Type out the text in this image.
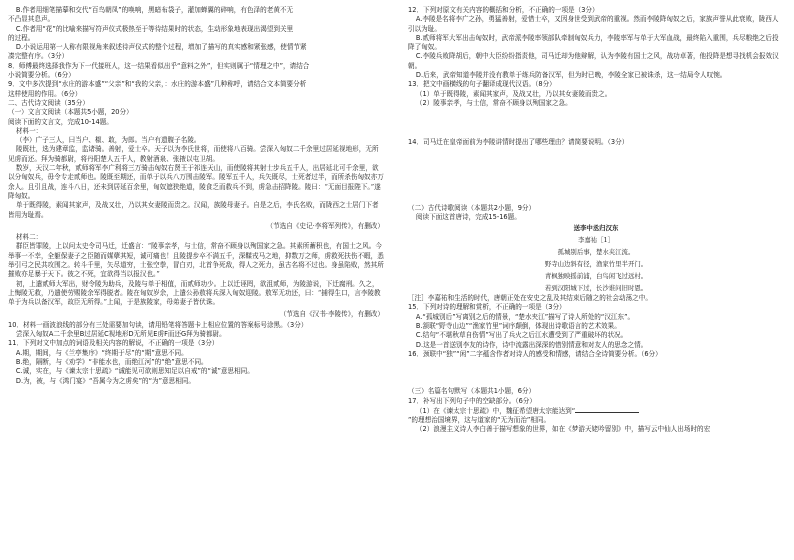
B.作者用细笔描摹和交代“百鸟朝凤”的唤响，黑暗布袋子，灌加蝉翼的碎响，有色泽的老黄不无

不凸显其息声。

C.作者用“花”的比喻来描写符声仪式极热至于等待结果时的状态，生动形象地表现出渴望到关里

的过程。

D.小说运用第一人称有限视角来叙述待声仪式的整个过程，增加了描写的真实感和紧张感，使情节紧

凑完整有序。（3分）

8．师傅最终选择我作为下一代接班人，这一结果看似出乎“意料之外”，但实则属于“情理之中”，请结合

小说简要分析。（6分）

9．文中多次提到“水庄的游本盛”“父亲”和“我的父亲，：水庄的游本盛”几种称呼，请结合文本简要分析

这样使用的作用。（6分）

二、古代诗文阅读（35分）

（一）文言文阅读（本题共5小题，20分）

阅读下面的文言文，完成10-14题。

材料一：

（李）广子三人，曰当户、椒、敢，为郎。当户有遗腹子名陵。

陵既壮，选为建章监，监诸骑。善射，爱士卒。天子以为李氏世将，而使将八百骑。尝深入匈奴二千余里过居延视地形，无所见虏而还。拜为骑都尉，将丹阳楚人五千人，教射酒泉、张掖以屯卫胡。

数岁，天汉二年秋，贰师将军李广利将三万骑击匈奴右贤王于祁连天山，而使陵将其射士步兵五千人，出居延北可千余里，欲以分匈奴兵，毋令专走贰师也。陵既至期还，而单于以兵八万围击陵军。陵军五千人，兵矢既尽，士死者过半，而所杀伤匈奴亦万余人。且引且战，连斗八日，还未到居延百余里，匈奴遮狭绝道，陵食乏而救兵不到，虏急击招降陵。陵曰：“无面目报陛下。”遂降匈奴。

单于既得陵，素闻其家声，及战又壮，乃以其女妻陵而贵之。汉闻，族陵母妻子。自是之后，李氏名败，而陇西之士居门下者皆用为耻焉。

（节选自《史记·李将军列传》，有删改）

材料二：

群臣皆罪陵，上以问太史令司马迁，迁盛言：“陵事亲孝，与士信，常奋不顾身以殉国家之急。其素所蓄积也，有国士之风。今举事一不幸，全躯保妻子之臣随而媒孽其短，诚可痛也！且陵提步卒不满五千，深鞣戎马之地，抑数万之师，虏救死扶伤不暇，悉举引弓之民共攻围之。转斗千里，矢尽道穷，士张空拳，冒白刃，北首争死敌，得人之死力，虽古名将不过也。身虽陷败，然其所摧败亦足暴于天下。彼之不死，宜欲得当以报汉也。”

初，上遣贰师大军出，财令陵为助兵，及陵与单于相值，而贰师功少。上以迁诬罔，欲沮贰师，为陵游说，下迁腐刑。久之，上悔陵无救，乃遣使劳赐陵余军得脱者。陵在匈奴岁余，上遣公孙敖将兵深入匈奴迎陵。敖军无功还，曰：“捕得生口，言李陵教单于为兵以备汉军，故臣无所得。”上闻，于是族陵家，母弟妻子皆伏诛。

（节选自《汉书·李陵传》，有删改）

10．材料一画波浪线的部分有三处需要加句读，请用铅笔将答题卡上相应位置的答案标号涂黑。（3分）

尝深入匈奴A二千余里B过居延C视地形D无所见E虏F而还G拜为骑都尉。

11．下列对文中加点的词语及相关内容的解说，不正确的一项是（3分）

A.期，期间，与《兰亭集序》“终期于尽”的“期”意思不同。

B.绝，隔断，与《劝学》“非能水也，而绝江河”的“绝”意思不同。

C.诚，实在，与《谏太宗十思疏》“诚能见可欲则思知足以自戒”的“诚”意思相同。

D.为，被，与《鸿门宴》“吾属今为之虏矣”的“为”意思相同。

12．下列对原文有关内容的概括和分析，不正确的一项是（3分）

A.李陵是名将李广之孙，勇猛善射，爱惜士卒，又因身世受到武帝的重视。然而李陵降匈奴之后，家族声誉从此衰败，陇西人引以为耻。

B.贰师将军大军出击匈奴时，武帝派李陵率领部队牵制匈奴兵力，李陵率军与单于大军血战，最终陷入重围，兵尽粮绝之后投降了匈奴。

C.李陵兵败降胡后，朝中大臣纷纷指责他，司马迁却为他辩解，认为李陵有国士之风，战功卓著，他投降是想寻找机会报效汉朝。

D.后来，武帝知道李陵并没有教单于练兵防备汉军，但为时已晚，李陵全家已被诛杀，这一结局令人叹惋。

13．把文中画横线的句子翻译成现代汉语。（8分）

（1）单于既得陵，素闻其家声，及战又壮，乃以其女妻陵而贵之。

（2）陵事亲孝，与士信，常奋不顾身以殉国家之急。

14．司马迁在皇帝面前为李陵讲情时提出了哪些理由？请简要说明。（3分）

（二）古代诗歌阅读（本题共2小题，9分）

阅读下面这首唐诗，完成15-16题。

送李中丞归汉东

李嘉祐［1］

孤城别后事，楚水夹江流。

野寺山边斜有径，渔家竹里半开门。

青枫独映摇前浦，白鸟闲飞过远村。

若到汉阳城下过，长沙谁问旧时恩。

［注］李嘉祐和生活的时代，唐朝正处在安史之乱及其结束后随之的社会动荡之中。

15．下列对诗的理解和赏析，不正确的一项是（3分）

A.“孤城别后”写离别之后的情景，“楚水夹江”描写了诗人所处的“汉江东”。

B.颔联“野寺山边”“渔家竹里”词序颠倒，体现出诗歌语言的艺术效果。

C.结句“不堪秋草自伤情”写出了兵火之后江水遭受到了严重破坏的状况。

D.这是一首送别李友的诗作，诗中流露出深深的惜别情意和对友人的思念之情。

16．颈联中“独”“闲”二字蕴含作者对诗人的感受和情感，请结合全诗简要分析。（6分）

（三）名篇名句默写（本题共1小题，6分）

17．补写出下列句子中的空缺部分。（6分）

（1）在《谏太宗十思疏》中，魏征希望唐太宗能达到“

”的理想治国境界，这与道家的“无为而治”相同。

（2）浪漫主义诗人李白善于描写想象的世界，如在《梦游天姥吟留别》中，描写云中仙人出场时的宏
